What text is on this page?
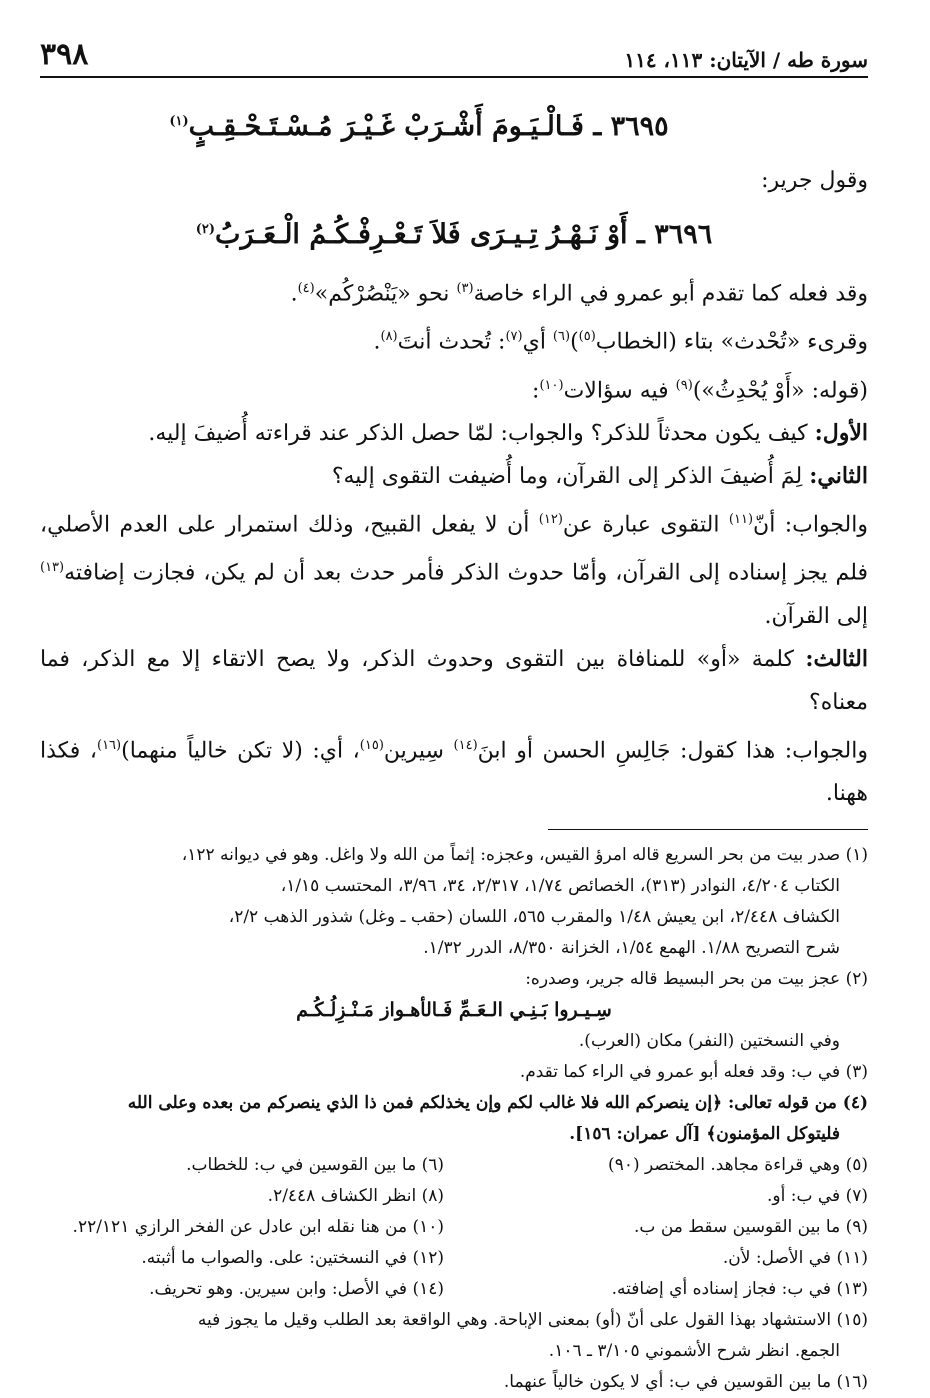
سورة طه / الآيتان: ١١٣، ١١٤
٣٩٨
٣٦٩٥ ـ فَـالْـيَـومَ أَشْـرَبْ غَـيْـرَ مُـسْـتَـحْـقِـبٍ$^{(١)}$
وقول جرير:
٣٦٩٦ ـ أَوْ نَـهْـرُ تِـيـرَى فَلاَ تَـعْـرِفْـكُـمُ الْـعَـرَبُ$^{(٢)}$
وقد فعله كما تقدم أبو عمرو في الراء خاصة$^{(٣)}$ نحو «يَنْصُرْكُم»$^{(٤)}$.
وقرىء «تُحْدث» بتاء (الخطاب$^{(٥)}$)$^{(٦)}$ أي$^{(٧)}$: تُحدث أنتَ$^{(٨)}$.
(قوله: «أَوْ يُحْدِثُ»)$^{(٩)}$ فيه سؤالات$^{(١٠)}$:
الأول: كيف يكون محدثاً للذكر؟ والجواب: لمّا حصل الذكر عند قراءته أُضيفَ إليه.
الثاني: لِمَ أُضيفَ الذكر إلى القرآن، وما أُضيفت التقوى إليه؟
والجواب: أنّ$^{(١١)}$ التقوى عبارة عن$^{(١٢)}$ أن لا يفعل القبيح، وذلك استمرار على العدم الأصلي، فلم يجز إسناده إلى القرآن، وأمّا حدوث الذكر فأمر حدث بعد أن لم يكن، فجازت إضافته$^{(١٣)}$ إلى القرآن.
الثالث: كلمة «أو» للمنافاة بين التقوى وحدوث الذكر، ولا يصح الاتقاء إلا مع الذكر، فما معناه؟
والجواب: هذا كقول: جَالِسِ الحسن أو ابنَ$^{(١٤)}$ سِيرين$^{(١٥)}$، أي: (لا تكن خالياً منهما)$^{(١٦)}$، فكذا ههنا.
(١) صدر بيت من بحر السريع قاله امرؤ القيس، وعجزه: إثماً من الله ولا واغل. وهو في ديوانه ١٢٢،
الكتاب ٤/٢٠٤، النوادر (٣١٣)، الخصائص ١/٧٤، ٢/٣١٧، ٣٤، ٣/٩٦، المحتسب ١/١٥،
الكشاف ٢/٤٤٨، ابن يعيش ١/٤٨ والمقرب ٥٦٥، اللسان (حقب ـ وغل) شذور الذهب ٢/٢،
شرح التصريح ١/٨٨. الهمع ١/٥٤، الخزانة ٨/٣٥٠، الدرر ١/٣٢.
(٢) عجز بيت من بحر البسيط قاله جرير، وصدره:
سِـيـروا بَـنِـي الـعَـمِّ فَـالأهـواز مَـنْـزِلُـكُـم
وفي النسختين (النفر) مكان (العرب).
(٣) في ب: وقد فعله أبو عمرو في الراء كما تقدم.
(٤) من قوله تعالى: ﴿إن ينصركم الله فلا غالب لكم وإن يخذلكم فمن ذا الذي ينصركم من بعده وعلى الله
فليتوكل المؤمنون﴾ [آل عمران: ١٥٦].
(٥) وهي قراءة مجاهد. المختصر (٩٠)
(٦) ما بين القوسين في ب: للخطاب.
(٧) في ب: أو.
(٨) انظر الكشاف ٢/٤٤٨.
(٩) ما بين القوسين سقط من ب.
(١٠) من هنا نقله ابن عادل عن الفخر الرازي ٢٢/١٢١.
(١١) في الأصل: لأن.
(١٢) في النسختين: على. والصواب ما أثبته.
(١٣) في ب: فجاز إسناده أي إضافته.
(١٤) في الأصل: وابن سيرين. وهو تحريف.
(١٥) الاستشهاد بهذا القول على أنّ (أو) بمعنى الإباحة. وهي الواقعة بعد الطلب وقيل ما يجوز فيه
الجمع. انظر شرح الأشموني ٣/١٠٥ ـ ١٠٦.
(١٦) ما بين القوسين في ب: أي لا يكون خالياً عنهما.
